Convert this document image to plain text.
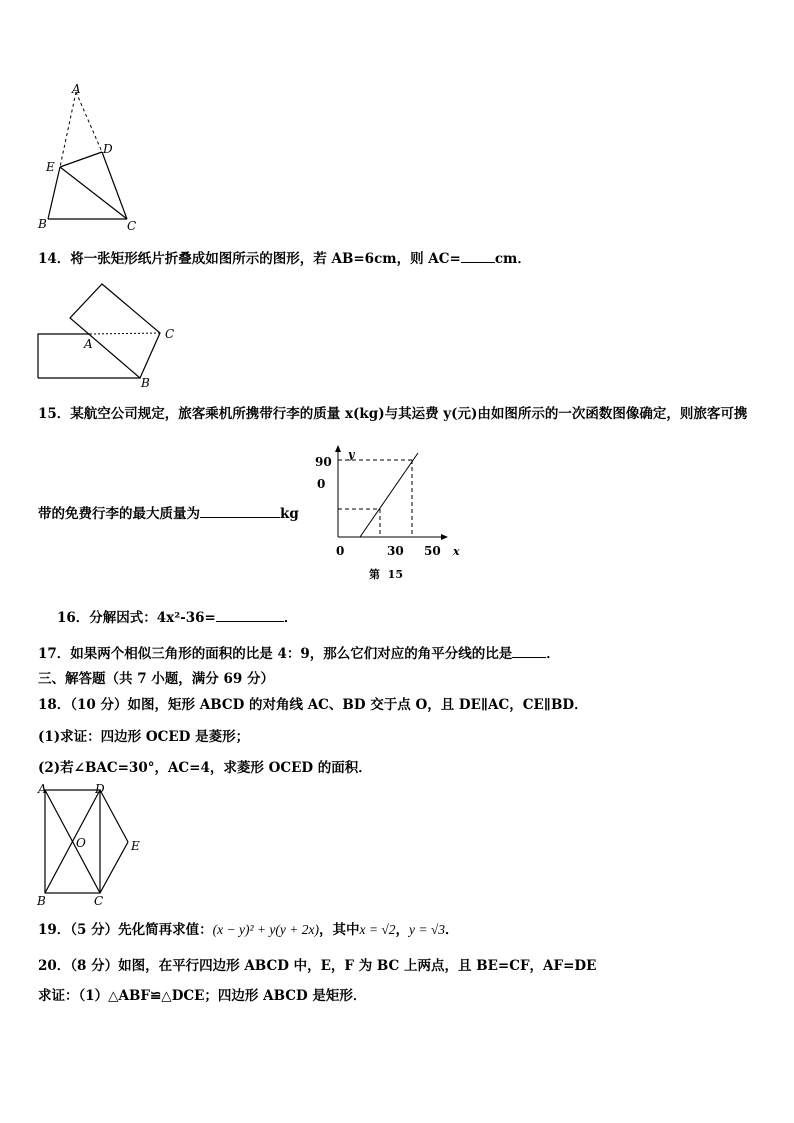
A
E
D
B	C
14．将一张矩形纸片折叠成如图所示的图形，若 AB=6cm，则 AC=	cm．
A
C
B
15．某航空公司规定，旅客乘机所携带行李的质量 x(kg)与其运费 y(元)由如图所示的一次函数图像确定，则旅客可携
带的免费行李的最大质量为	kg
y
90
0
0	30 50 x
第  15
16．分解因式：4x²-36=	．
17．如果两个相似三角形的面积的比是 4：9，那么它们对应的角平分线的比是	．
三、解答题（共 7 小题，满分 69 分）
18．（10 分）如图，矩形 ABCD 的对角线 AC、BD 交于点 O，且 DE∥AC，CE∥BD．
(1)求证：四边形 OCED 是菱形；
(2)若∠BAC=30°，AC=4，求菱形 OCED 的面积．
A	D
O	E
B	C
19．（5 分）先化简再求值：(x − y)² + y(y + 2x)，其中x = √2，y = √3．
20．（8 分）如图，在平行四边形 ABCD 中，E，F 为 BC 上两点，且 BE=CF，AF=DE
求证：（1）△ABF≌△DCE；四边形 ABCD 是矩形．
